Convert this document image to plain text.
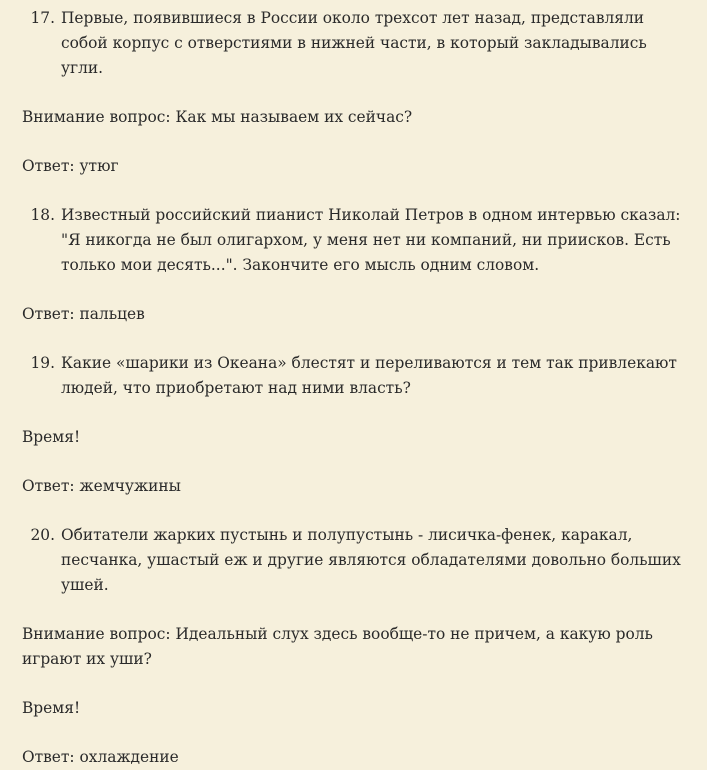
17. Первые, появившиеся в России около трехсот лет назад, представляли собой корпус с отверстиями в нижней части, в который закладывались угли.

Внимание вопрос: Как мы называем их сейчас?

Ответ: утюг

18. Известный российский пианист Николай Петров в одном интервью сказал: "Я никогда не был олигархом, у меня нет ни компаний, ни приисков. Есть только мои десять...". Закончите его мысль одним словом.

Ответ: пальцев

19. Какие «шарики из Океана» блестят и переливаются и тем так привлекают людей, что приобретают над ними власть?

Время!

Ответ: жемчужины

20. Обитатели жарких пустынь и полупустынь - лисичка-фенек, каракал, песчанка, ушастый еж и другие являются обладателями довольно больших ушей.

Внимание вопрос: Идеальный слух здесь вообще-то не причем, а какую роль играют их уши?

Время!

Ответ: охлаждение
